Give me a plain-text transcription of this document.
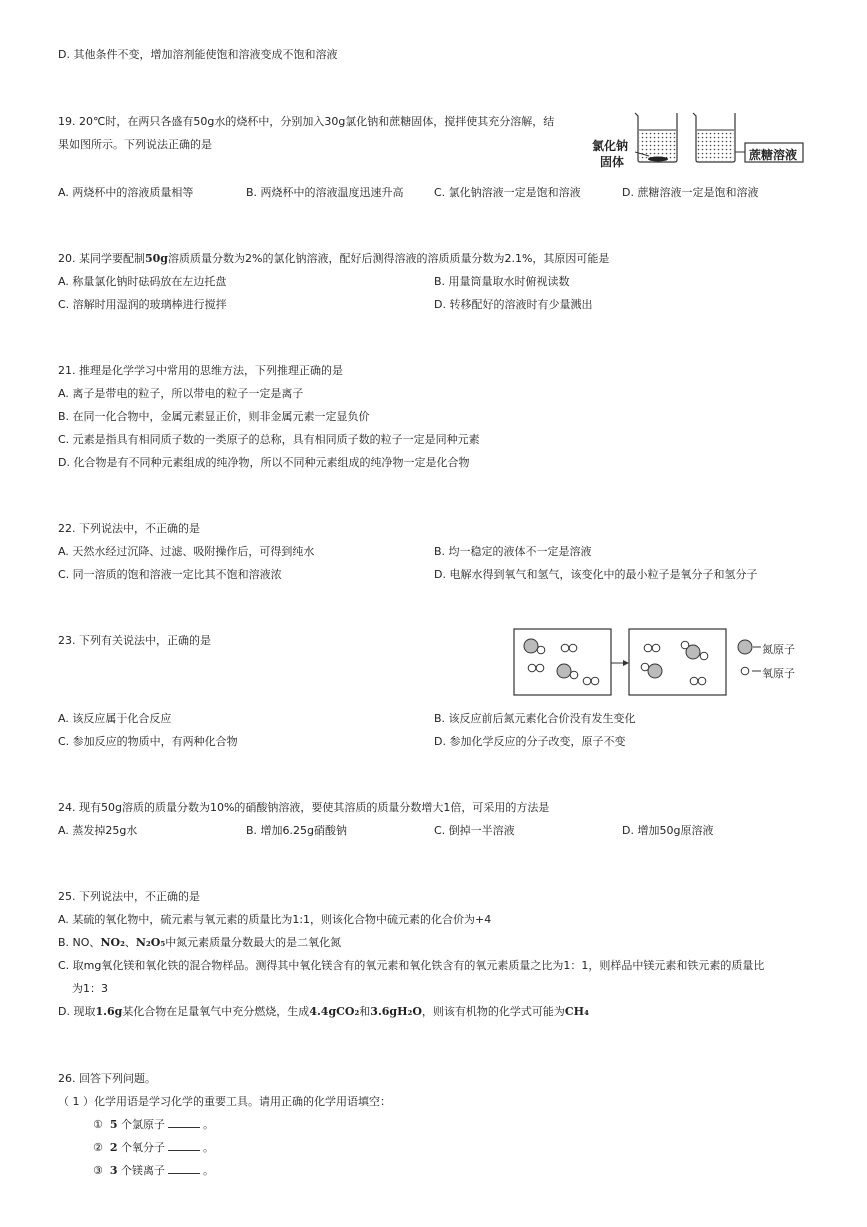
D. 其他条件不变，增加溶剂能使饱和溶液变成不饱和溶液
19. 20℃时，在两只各盛有50g水的烧杯中，分别加入30g氯化钠和蔗糖固体，搅拌使其充分溶解，结
果如图所示。下列说法正确的是	氯化钠
固体	蔗糖溶液
A. 两烧杯中的溶液质量相等	B. 两烧杯中的溶液温度迅速升高	C. 氯化钠溶液一定是饱和溶液	D. 蔗糖溶液一定是饱和溶液
20. 某同学要配制50g溶质质量分数为2%的氯化钠溶液，配好后测得溶液的溶质质量分数为2.1%，其原因可能是
A. 称量氯化钠时砝码放在左边托盘	B. 用量筒量取水时俯视读数
C. 溶解时用湿润的玻璃棒进行搅拌	D. 转移配好的溶液时有少量溅出
21. 推理是化学学习中常用的思维方法，下列推理正确的是
A. 离子是带电的粒子，所以带电的粒子一定是离子
B. 在同一化合物中，金属元素显正价，则非金属元素一定显负价
C. 元素是指具有相同质子数的一类原子的总称，具有相同质子数的粒子一定是同种元素
D. 化合物是有不同种元素组成的纯净物，所以不同种元素组成的纯净物一定是化合物
22. 下列说法中，不正确的是
A. 天然水经过沉降、过滤、吸附操作后，可得到纯水	B. 均一稳定的液体不一定是溶液
C. 同一溶质的饱和溶液一定比其不饱和溶液浓	D. 电解水得到氧气和氢气，该变化中的最小粒子是氧分子和氢分子
23. 下列有关说法中，正确的是
氮原子
氧原子
A. 该反应属于化合反应	B. 该反应前后氮元素化合价没有发生变化
C. 参加反应的物质中，有两种化合物	D. 参加化学反应的分子改变，原子不变
24. 现有50g溶质的质量分数为10%的硝酸钠溶液，要使其溶质的质量分数增大1倍，可采用的方法是
A. 蒸发掉25g水	B. 增加6.25g硝酸钠	C. 倒掉一半溶液	D. 增加50g原溶液
25. 下列说法中，不正确的是
A. 某硫的氧化物中，硫元素与氧元素的质量比为1:1，则该化合物中硫元素的化合价为+4
B. NO、NO₂、N₂O₅中氮元素质量分数最大的是二氧化氮
C. 取mg氧化镁和氧化铁的混合物样品。测得其中氧化镁含有的氧元素和氧化铁含有的氧元素质量之比为1：1，则样品中镁元素和铁元素的质量比
为1：3
D. 现取1.6g某化合物在足量氧气中充分燃烧，生成4.4gCO₂和3.6gH₂O，则该有机物的化学式可能为CH₄
26. 回答下列问题。
（ 1 ）化学用语是学习化学的重要工具。请用正确的化学用语填空：
① 5 个氯原子	。
② 2 个氧分子	。
③ 3 个镁离子	。
